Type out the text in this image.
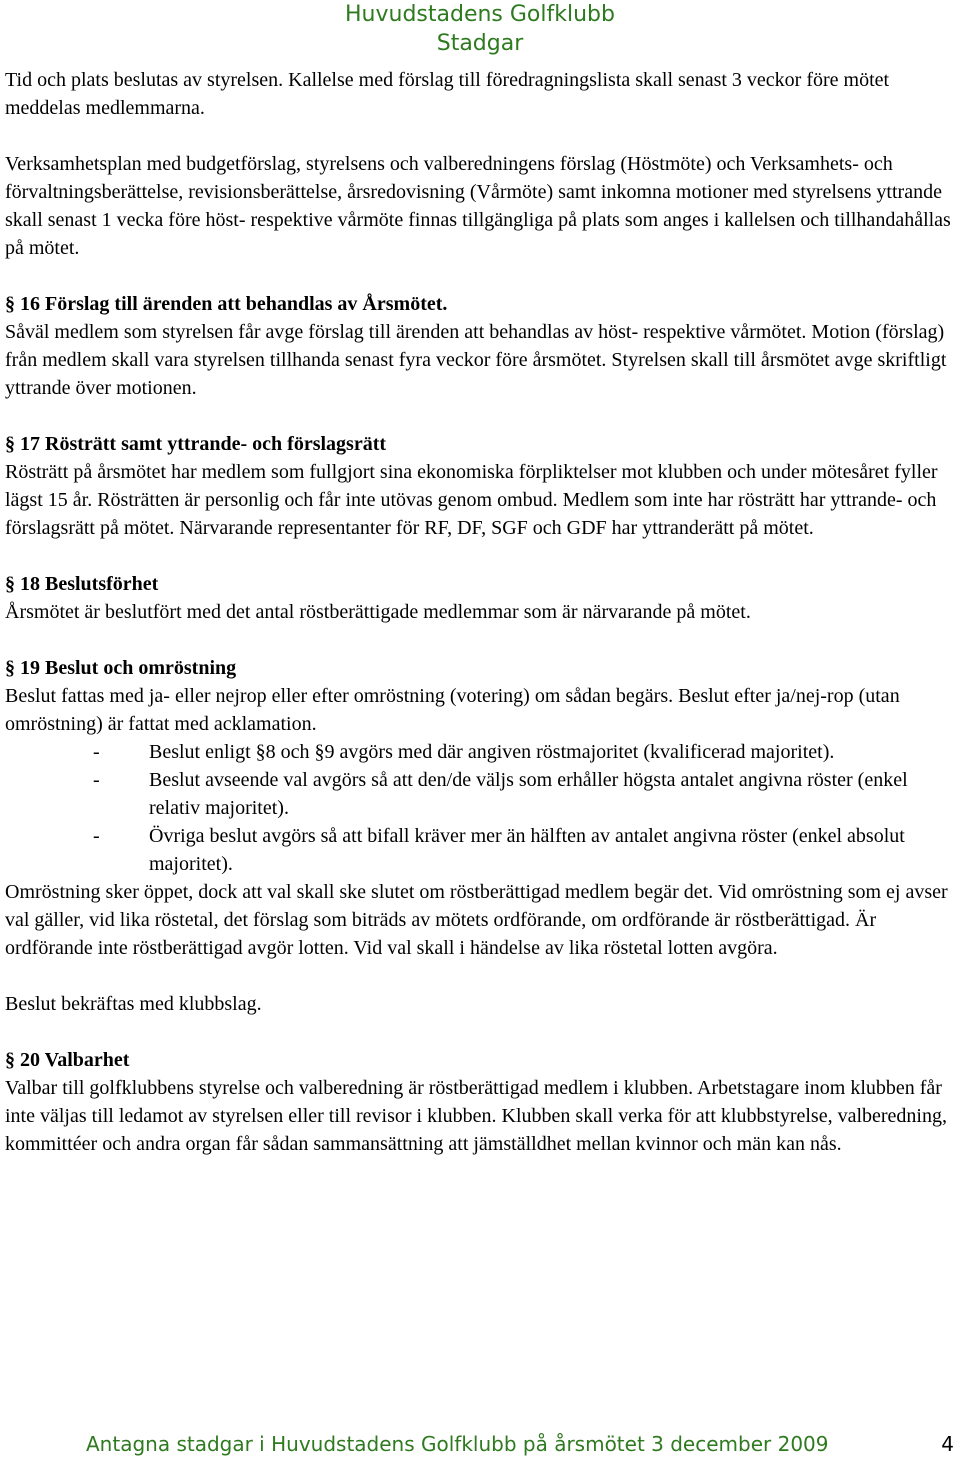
Huvudstadens Golfklubb
Stadgar

Tid och plats beslutas av styrelsen. Kallelse med förslag till föredragningslista skall senast 3 veckor före mötet meddelas medlemmarna.

Verksamhetsplan med budgetförslag, styrelsens och valberedningens förslag (Höstmöte) och Verksamhets- och förvaltningsberättelse, revisionsberättelse, årsredovisning (Vårmöte) samt inkomna motioner med styrelsens yttrande skall senast 1 vecka före höst- respektive vårmöte finnas tillgängliga på plats som anges i kallelsen och tillhandahållas på mötet.

§ 16 Förslag till ärenden att behandlas av Årsmötet.

Såväl medlem som styrelsen får avge förslag till ärenden att behandlas av höst- respektive vårmötet. Motion (förslag) från medlem skall vara styrelsen tillhanda senast fyra veckor före årsmötet. Styrelsen skall till årsmötet avge skriftligt yttrande över motionen.

§ 17 Rösträtt samt yttrande- och förslagsrätt

Rösträtt på årsmötet har medlem som fullgjort sina ekonomiska förpliktelser mot klubben och under mötesåret fyller lägst 15 år. Rösträtten är personlig och får inte utövas genom ombud. Medlem som inte har rösträtt har yttrande- och förslagsrätt på mötet. Närvarande representanter för RF, DF, SGF och GDF har yttranderätt på mötet.

§ 18 Beslutsförhet

Årsmötet är beslutfört med det antal röstberättigade medlemmar som är närvarande på mötet.

§ 19 Beslut och omröstning

Beslut fattas med ja- eller nejrop eller efter omröstning (votering) om sådan begärs. Beslut efter ja/nej-rop (utan omröstning) är fattat med acklamation.

- Beslut enligt §8 och §9 avgörs med där angiven röstmajoritet (kvalificerad majoritet).
- Beslut avseende val avgörs så att den/de väljs som erhåller högsta antalet angivna röster (enkel relativ majoritet).
- Övriga beslut avgörs så att bifall kräver mer än hälften av antalet angivna röster (enkel absolut majoritet).

Omröstning sker öppet, dock att val skall ske slutet om röstberättigad medlem begär det. Vid omröstning som ej avser val gäller, vid lika röstetal, det förslag som biträds av mötets ordförande, om ordförande är röstberättigad. Är ordförande inte röstberättigad avgör lotten. Vid val skall i händelse av lika röstetal lotten avgöra.

Beslut bekräftas med klubbslag.

§ 20 Valbarhet

Valbar till golfklubbens styrelse och valberedning är röstberättigad medlem i klubben. Arbetstagare inom klubben får inte väljas till ledamot av styrelsen eller till revisor i klubben. Klubben skall verka för att klubbstyrelse, valberedning, kommittéer och andra organ får sådan sammansättning att jämställdhet mellan kvinnor och män kan nås.

Antagna stadgar i Huvudstadens Golfklubb på årsmötet 3 december 2009	4
